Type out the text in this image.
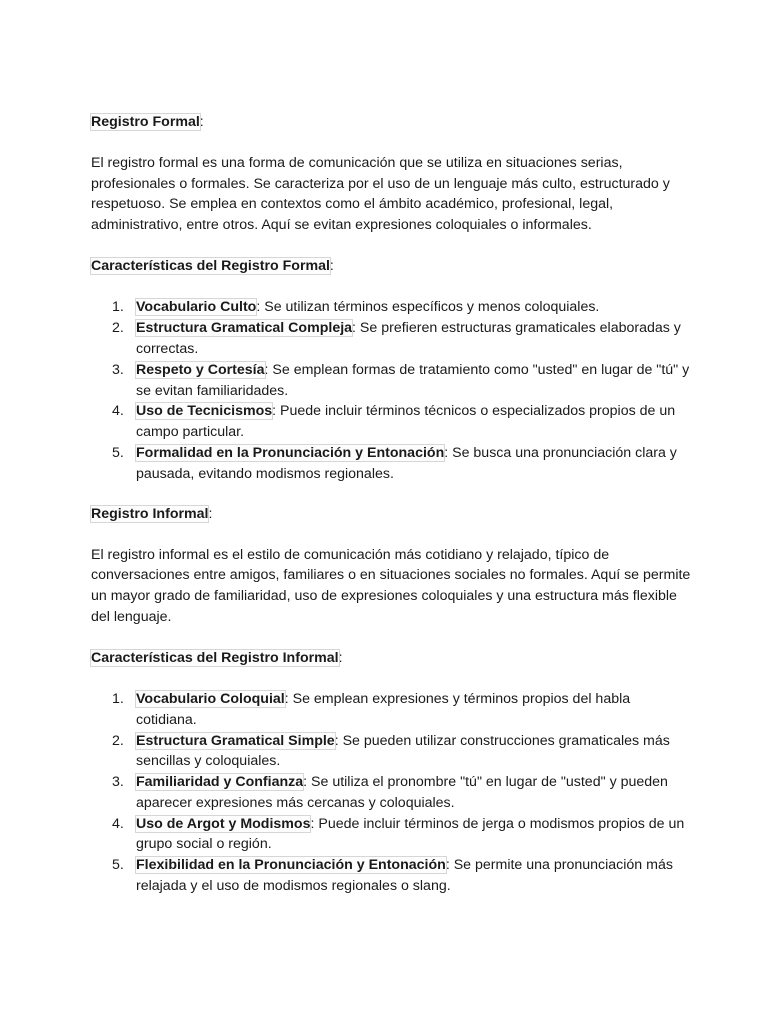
Registro Formal:

El registro formal es una forma de comunicación que se utiliza en situaciones serias, profesionales o formales. Se caracteriza por el uso de un lenguaje más culto, estructurado y respetuoso. Se emplea en contextos como el ámbito académico, profesional, legal, administrativo, entre otros. Aquí se evitan expresiones coloquiales o informales.

Características del Registro Formal:

1. Vocabulario Culto: Se utilizan términos específicos y menos coloquiales.
2. Estructura Gramatical Compleja: Se prefieren estructuras gramaticales elaboradas y correctas.
3. Respeto y Cortesía: Se emplean formas de tratamiento como "usted" en lugar de "tú" y se evitan familiaridades.
4. Uso de Tecnicismos: Puede incluir términos técnicos o especializados propios de un campo particular.
5. Formalidad en la Pronunciación y Entonación: Se busca una pronunciación clara y pausada, evitando modismos regionales.

Registro Informal:

El registro informal es el estilo de comunicación más cotidiano y relajado, típico de conversaciones entre amigos, familiares o en situaciones sociales no formales. Aquí se permite un mayor grado de familiaridad, uso de expresiones coloquiales y una estructura más flexible del lenguaje.

Características del Registro Informal:

1. Vocabulario Coloquial: Se emplean expresiones y términos propios del habla cotidiana.
2. Estructura Gramatical Simple: Se pueden utilizar construcciones gramaticales más sencillas y coloquiales.
3. Familiaridad y Confianza: Se utiliza el pronombre "tú" en lugar de "usted" y pueden aparecer expresiones más cercanas y coloquiales.
4. Uso de Argot y Modismos: Puede incluir términos de jerga o modismos propios de un grupo social o región.
5. Flexibilidad en la Pronunciación y Entonación: Se permite una pronunciación más relajada y el uso de modismos regionales o slang.
